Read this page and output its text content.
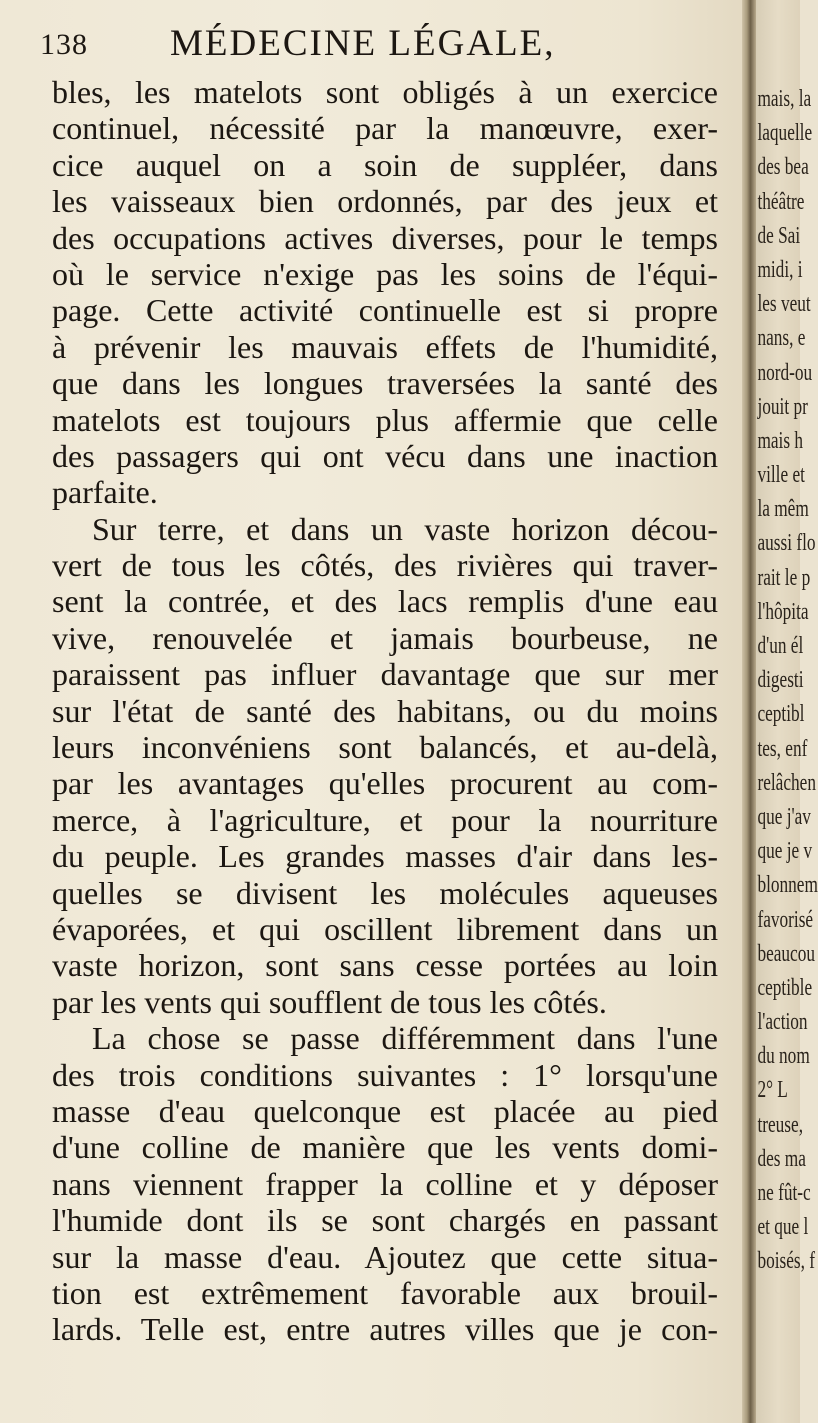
138 MÉDECINE LÉGALE,
bles, les matelots sont obligés à un exercice
continuel, nécessité par la manœuvre, exer-
cice auquel on a soin de suppléer, dans
les vaisseaux bien ordonnés, par des jeux et
des occupations actives diverses, pour le temps
où le service n'exige pas les soins de l'équi-
page. Cette activité continuelle est si propre
à prévenir les mauvais effets de l'humidité,
que dans les longues traversées la santé des
matelots est toujours plus affermie que celle
des passagers qui ont vécu dans une inaction
parfaite.
Sur terre, et dans un vaste horizon décou-
vert de tous les côtés, des rivières qui traver-
sent la contrée, et des lacs remplis d'une eau
vive, renouvelée et jamais bourbeuse, ne
paraissent pas influer davantage que sur mer
sur l'état de santé des habitans, ou du moins
leurs inconvéniens sont balancés, et au-delà,
par les avantages qu'elles procurent au com-
merce, à l'agriculture, et pour la nourriture
du peuple. Les grandes masses d'air dans les-
quelles se divisent les molécules aqueuses
évaporées, et qui oscillent librement dans un
vaste horizon, sont sans cesse portées au loin
par les vents qui soufflent de tous les côtés.
La chose se passe différemment dans l'une
des trois conditions suivantes : 1° lorsqu'une
masse d'eau quelconque est placée au pied
d'une colline de manière que les vents domi-
nans viennent frapper la colline et y déposer
l'humide dont ils se sont chargés en passant
sur la masse d'eau. Ajoutez que cette situa-
tion est extrêmement favorable aux brouil-
lards. Telle est, entre autres villes que je con-
mais, la
laquelle
des bea
théâtre
de Sai
midi, i
les veut
nans, e
nord-ou
jouit pr
mais h
ville et
la mêm
aussi flo
rait le p
l'hôpita
d'un él
digesti
ceptibl
tes, enf
relâchen
que j'av
que je v
blonnem
favorisé
beaucou
ceptible
l'action
du nom
2° L
treuse,
des ma
ne fût-c
et que l
boisés, f
